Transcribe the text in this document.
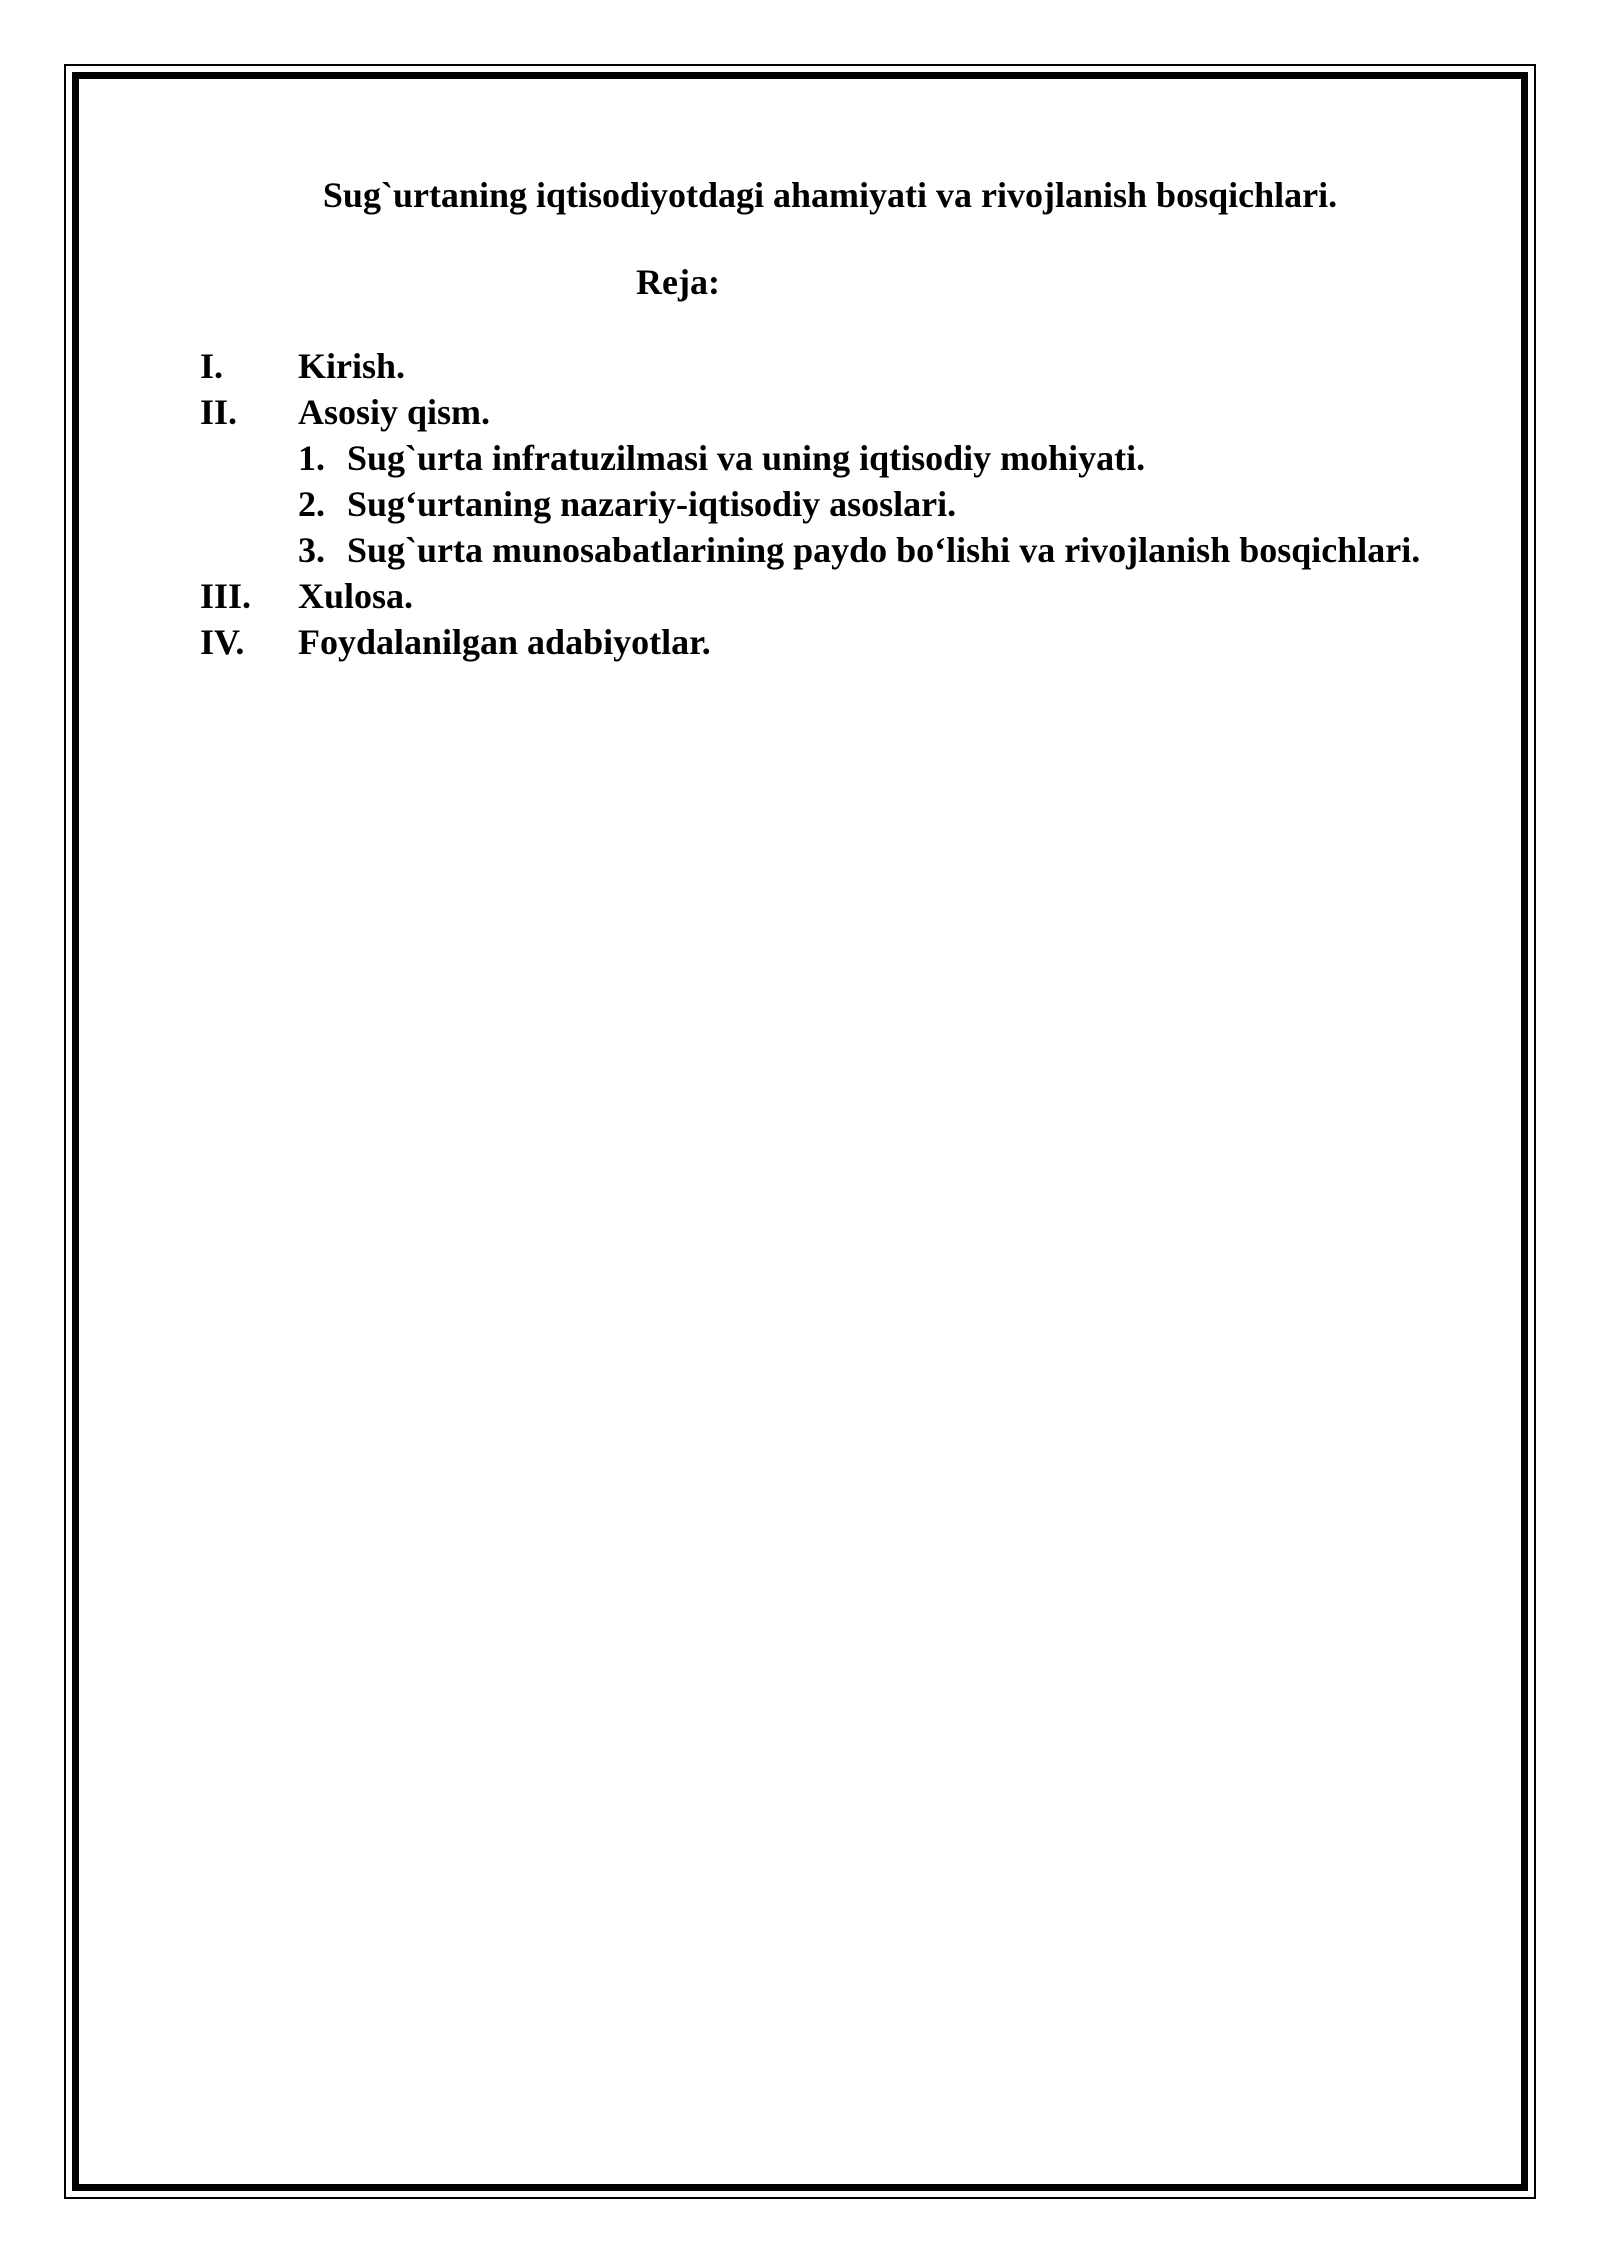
Sug`urtaning iqtisodiyotdagi ahamiyati va rivojlanish bosqichlari.
Reja:
I. Kirish.
II. Asosiy qism.
1. Sug`urta infratuzilmasi va uning iqtisodiy mohiyati.
2. Sug‘urtaning nazariy-iqtisodiy asoslari.
3. Sug`urta munosabatlarining paydo bo‘lishi va rivojlanish bosqichlari.
III. Xulosa.
IV. Foydalanilgan adabiyotlar.
